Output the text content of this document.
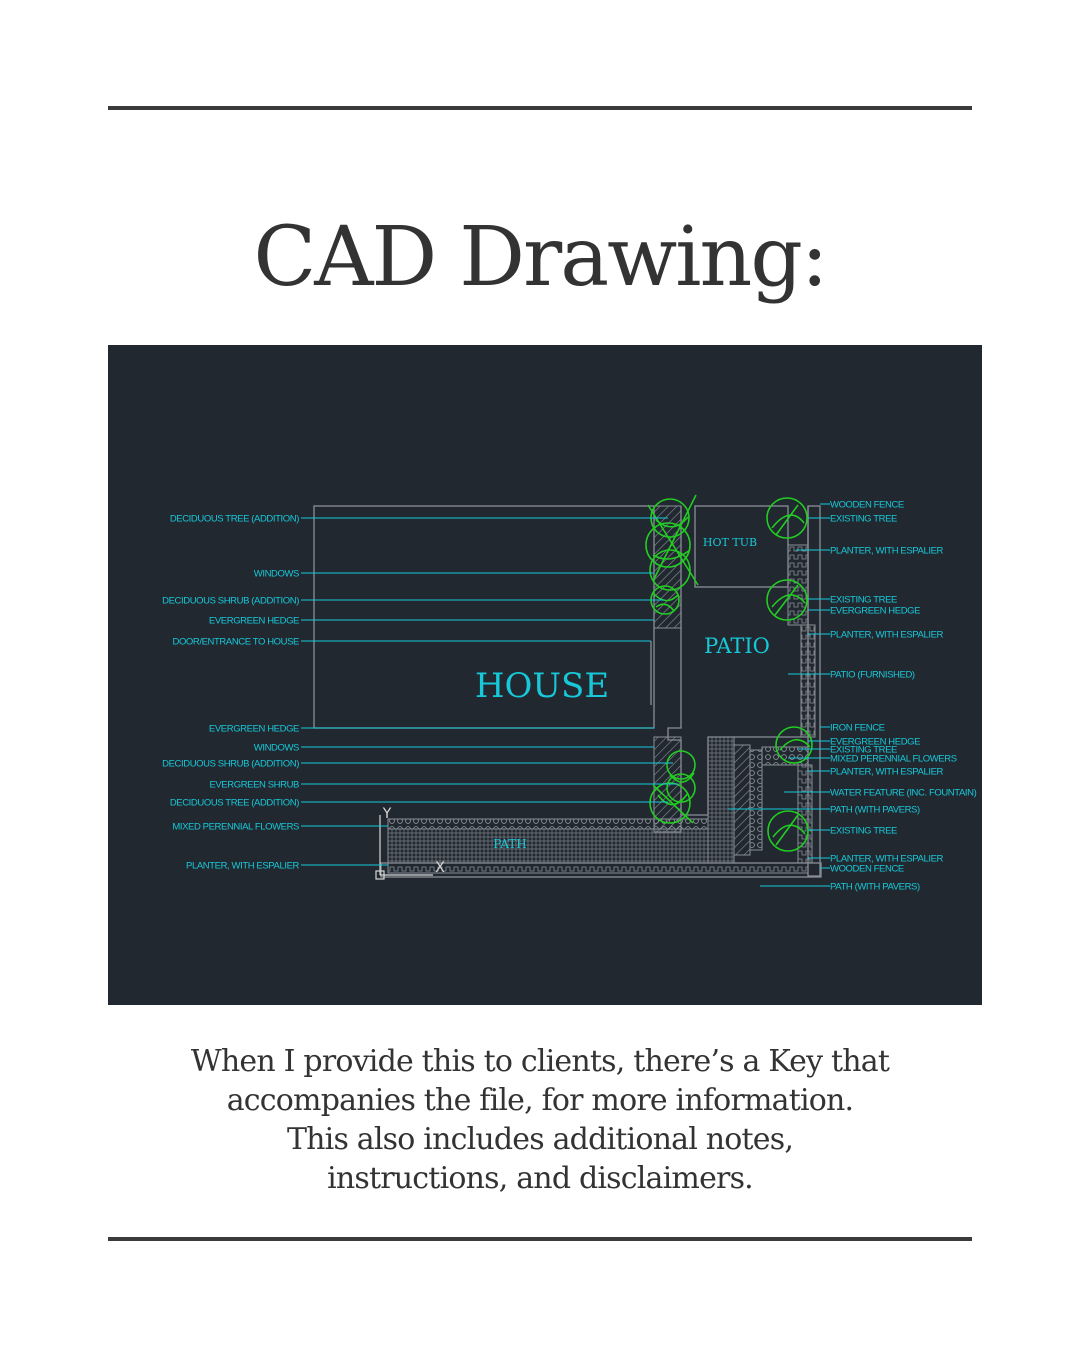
CAD Drawing:
HOUSE
PATIO
HOT TUB
PATH
Y
X
DECIDUOUS TREE (ADDITION)
WINDOWS
DECIDUOUS SHRUB (ADDITION)
EVERGREEN HEDGE
DOOR/ENTRANCE TO HOUSE
EVERGREEN HEDGE
WINDOWS
DECIDUOUS SHRUB (ADDITION)
EVERGREEN SHRUB
DECIDUOUS TREE (ADDITION)
MIXED PERENNIAL FLOWERS
PLANTER, WITH ESPALIER
WOODEN FENCE
EXISTING TREE
PLANTER, WITH ESPALIER
EXISTING TREE
EVERGREEN HEDGE
PLANTER, WITH ESPALIER
PATIO (FURNISHED)
IRON FENCE
EVERGREEN HEDGE
EXISTING TREE
MIXED PERENNIAL FLOWERS
PLANTER, WITH ESPALIER
WATER FEATURE (INC. FOUNTAIN)
PATH (WITH PAVERS)
EXISTING TREE
PLANTER, WITH ESPALIER
WOODEN FENCE
PATH (WITH PAVERS)
When I provide this to clients, there’s a Key that
accompanies the file, for more information.
This also includes additional notes,
instructions, and disclaimers.
